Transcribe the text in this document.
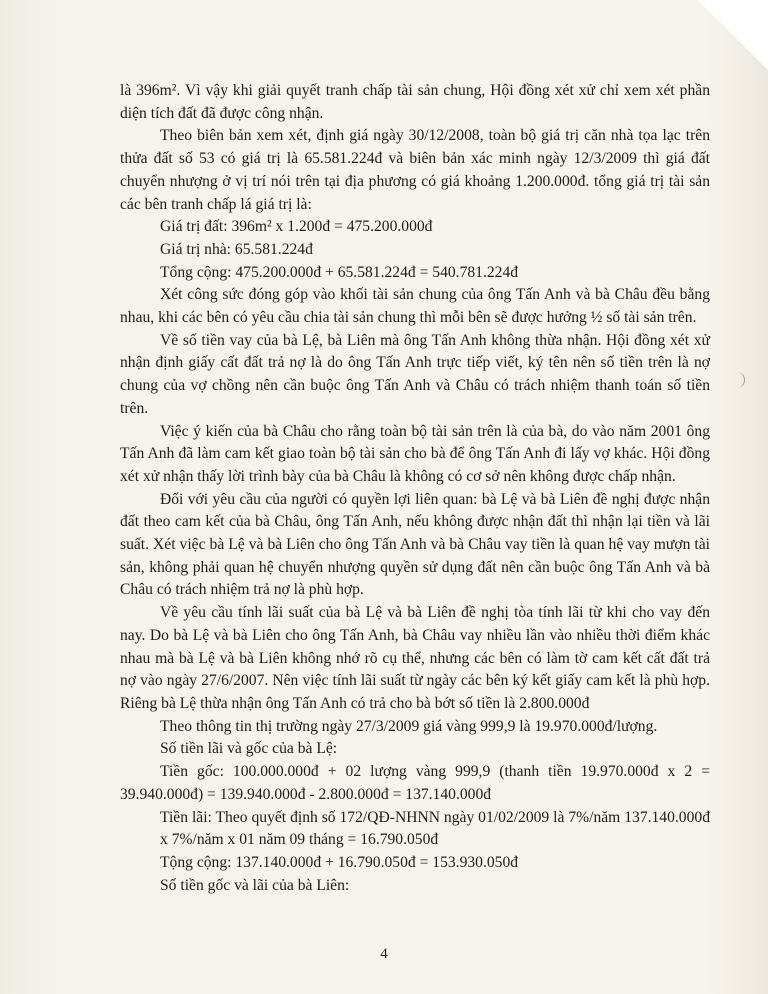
là 396m². Vì vậy khi giải quyết tranh chấp tài sản chung, Hội đồng xét xử chỉ xem xét phần diện tích đất đã được công nhận.

Theo biên bản xem xét, định giá ngày 30/12/2008, toàn bộ giá trị căn nhà tọa lạc trên thửa đất số 53 có giá trị là 65.581.224đ và biên bản xác minh ngày 12/3/2009 thì giá đất chuyển nhượng ở vị trí nói trên tại địa phương có giá khoảng 1.200.000đ. tổng giá trị tài sản các bên tranh chấp lá giá trị là:

Giá trị đất: 396m² x 1.200đ = 475.200.000đ

Giá trị nhà: 65.581.224đ

Tổng cộng: 475.200.000đ + 65.581.224đ = 540.781.224đ

Xét công sức đóng góp vào khối tài sản chung của ông Tấn Anh và bà Châu đều bằng nhau, khi các bên có yêu cầu chia tài sản chung thì mỗi bên sẽ được hưởng ½ số tài sản trên.

Về số tiền vay của bà Lệ, bà Liên mà ông Tấn Anh không thừa nhận. Hội đồng xét xử nhận định giấy cất đất trả nợ là do ông Tấn Anh trực tiếp viết, ký tên nên số tiền trên là nợ chung của vợ chồng nên cần buộc ông Tấn Anh và Châu có trách nhiệm thanh toán số tiền trên.

Việc ý kiến của bà Châu cho rằng toàn bộ tài sản trên là của bà, do vào năm 2001 ông Tấn Anh đã làm cam kết giao toàn bộ tài sản cho bà để ông Tấn Anh đi lấy vợ khác. Hội đồng xét xử nhận thấy lời trình bày của bà Châu là không có cơ sở nên không được chấp nhận.

Đối với yêu cầu của người có quyền lợi liên quan: bà Lệ và bà Liên đề nghị được nhận đất theo cam kết của bà Châu, ông Tấn Anh, nếu không được nhận đất thì nhận lại tiền và lãi suất. Xét việc bà Lệ và bà Liên cho ông Tấn Anh và bà Châu vay tiền là quan hệ vay mượn tài sản, không phải quan hệ chuyển nhượng quyền sử dụng đất nên cần buộc ông Tấn Anh và bà Châu có trách nhiệm trả nợ là phù hợp.

Về yêu cầu tính lãi suất của bà Lệ và bà Liên đề nghị tòa tính lãi từ khi cho vay đến nay. Do bà Lệ và bà Liên cho ông Tấn Anh, bà Châu vay nhiều lần vào nhiều thời điểm khác nhau mà bà Lệ và bà Liên không nhớ rõ cụ thể, nhưng các bên có làm tờ cam kết cất đất trả nợ vào ngày 27/6/2007. Nên việc tính lãi suất từ ngày các bên ký kết giấy cam kết là phù hợp. Riêng bà Lệ thừa nhận ông Tấn Anh có trả cho bà bớt số tiền là 2.800.000đ

Theo thông tin thị trường ngày 27/3/2009 giá vàng 999,9 là 19.970.000đ/lượng.

Số tiền lãi và gốc của bà Lệ:

Tiền gốc: 100.000.000đ + 02 lượng vàng 999,9 (thanh tiền 19.970.000đ x 2 = 39.940.000đ) = 139.940.000đ - 2.800.000đ = 137.140.000đ

Tiền lãi: Theo quyết định số 172/QĐ-NHNN ngày 01/02/2009 là 7%/năm 137.140.000đ x 7%/năm x 01 năm 09 tháng = 16.790.050đ

Tộng cộng: 137.140.000đ + 16.790.050đ = 153.930.050đ

Số tiền gốc và lãi của bà Liên:

4
